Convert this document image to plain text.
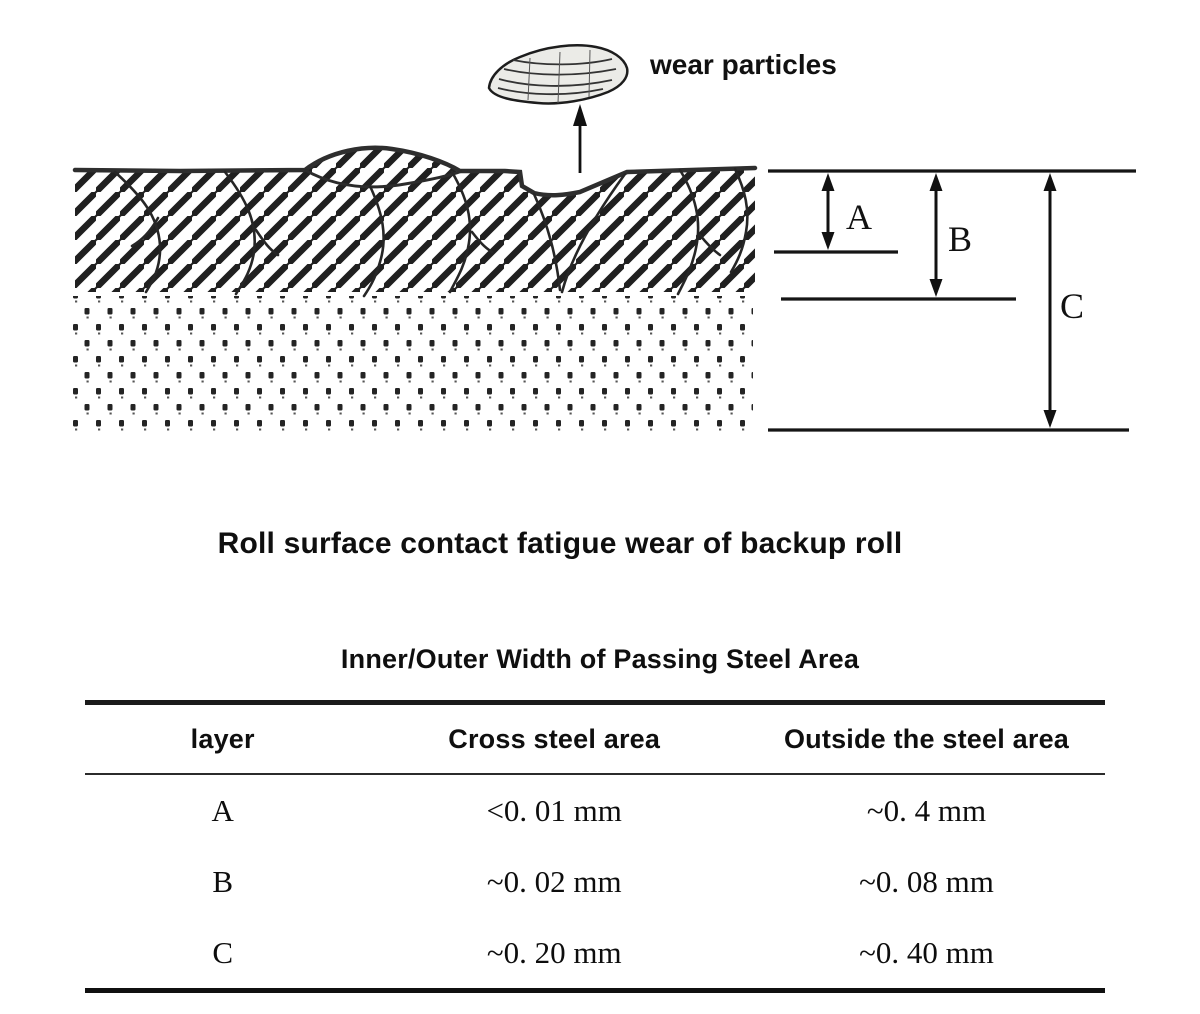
wear particles
A
B
C
Roll surface contact fatigue wear of backup roll
Inner/Outer Width of Passing Steel Area
layer	Cross steel area	Outside the steel area
A	<0. 01 mm	~0. 4 mm
B	~0. 02 mm	~0. 08 mm
C	~0. 20 mm	~0. 40 mm
